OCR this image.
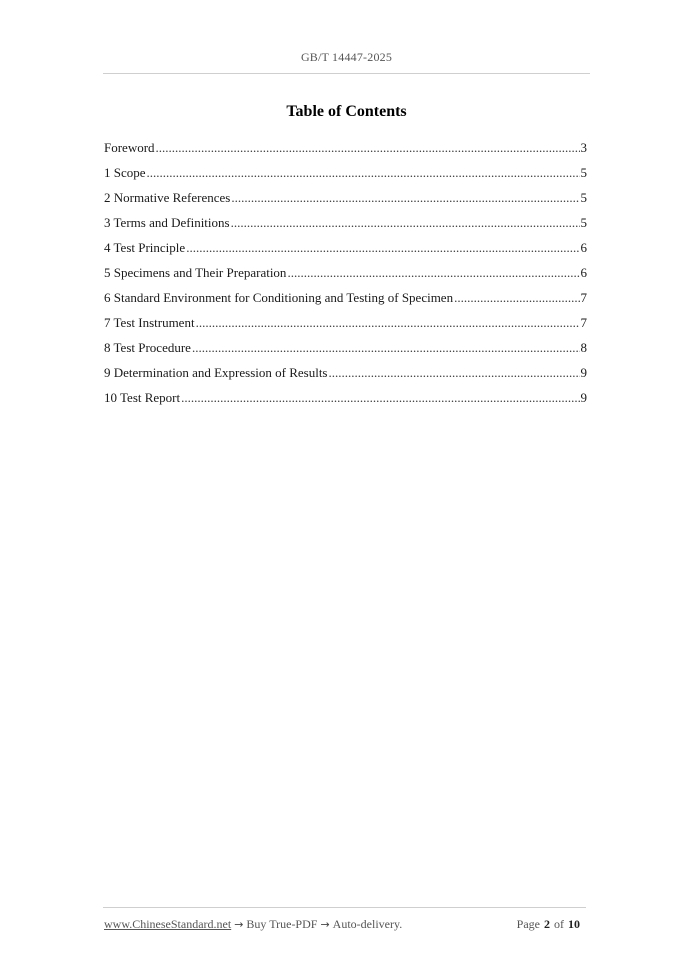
GB/T 14447-2025
Table of Contents
Foreword .....	3
1 Scope .....	5
2 Normative References .....	5
3 Terms and Definitions .....	5
4 Test Principle .....	6
5 Specimens and Their Preparation .....	6
6 Standard Environment for Conditioning and Testing of Specimen .....	7
7 Test Instrument .....	7
8 Test Procedure .....	8
9 Determination and Expression of Results .....	9
10 Test Report .....	9
www.ChineseStandard.net → Buy True-PDF → Auto-delivery.	Page 2 of 10
